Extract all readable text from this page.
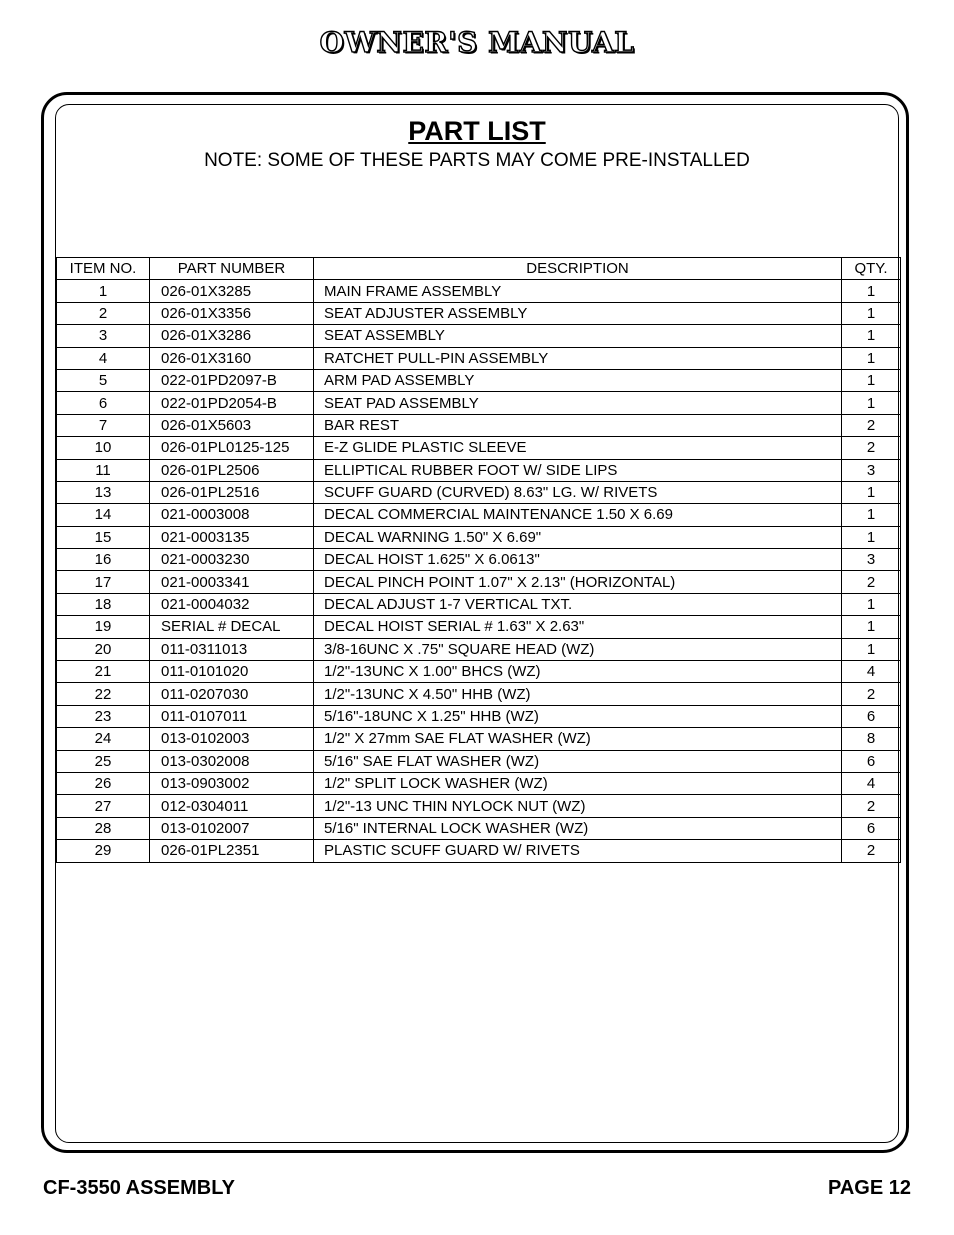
OWNER'S MANUAL
PART LIST
NOTE: SOME OF THESE PARTS MAY COME PRE-INSTALLED
ITEM NO.	PART NUMBER	DESCRIPTION	QTY.
1	026-01X3285	MAIN FRAME ASSEMBLY	1
2	026-01X3356	SEAT ADJUSTER ASSEMBLY	1
3	026-01X3286	SEAT ASSEMBLY	1
4	026-01X3160	RATCHET PULL-PIN ASSEMBLY	1
5	022-01PD2097-B	ARM PAD ASSEMBLY	1
6	022-01PD2054-B	SEAT PAD ASSEMBLY	1
7	026-01X5603	BAR REST	2
10	026-01PL0125-125	E-Z GLIDE PLASTIC SLEEVE	2
11	026-01PL2506	ELLIPTICAL RUBBER FOOT W/ SIDE LIPS	3
13	026-01PL2516	SCUFF GUARD (CURVED) 8.63" LG. W/ RIVETS	1
14	021-0003008	DECAL COMMERCIAL MAINTENANCE 1.50 X 6.69	1
15	021-0003135	DECAL WARNING 1.50" X 6.69"	1
16	021-0003230	DECAL HOIST 1.625" X 6.0613"	3
17	021-0003341	DECAL PINCH POINT 1.07" X 2.13" (HORIZONTAL)	2
18	021-0004032	DECAL ADJUST 1-7 VERTICAL TXT.	1
19	SERIAL # DECAL	DECAL HOIST SERIAL # 1.63" X 2.63"	1
20	011-0311013	3/8-16UNC X .75" SQUARE HEAD (WZ)	1
21	011-0101020	1/2"-13UNC X 1.00" BHCS (WZ)	4
22	011-0207030	1/2"-13UNC X 4.50" HHB (WZ)	2
23	011-0107011	5/16"-18UNC X 1.25" HHB (WZ)	6
24	013-0102003	1/2" X 27mm SAE FLAT WASHER (WZ)	8
25	013-0302008	5/16" SAE FLAT WASHER (WZ)	6
26	013-0903002	1/2" SPLIT LOCK WASHER (WZ)	4
27	012-0304011	1/2"-13 UNC THIN NYLOCK NUT (WZ)	2
28	013-0102007	5/16" INTERNAL LOCK WASHER (WZ)	6
29	026-01PL2351	PLASTIC SCUFF GUARD W/ RIVETS	2
CF-3550 ASSEMBLY	PAGE 12
